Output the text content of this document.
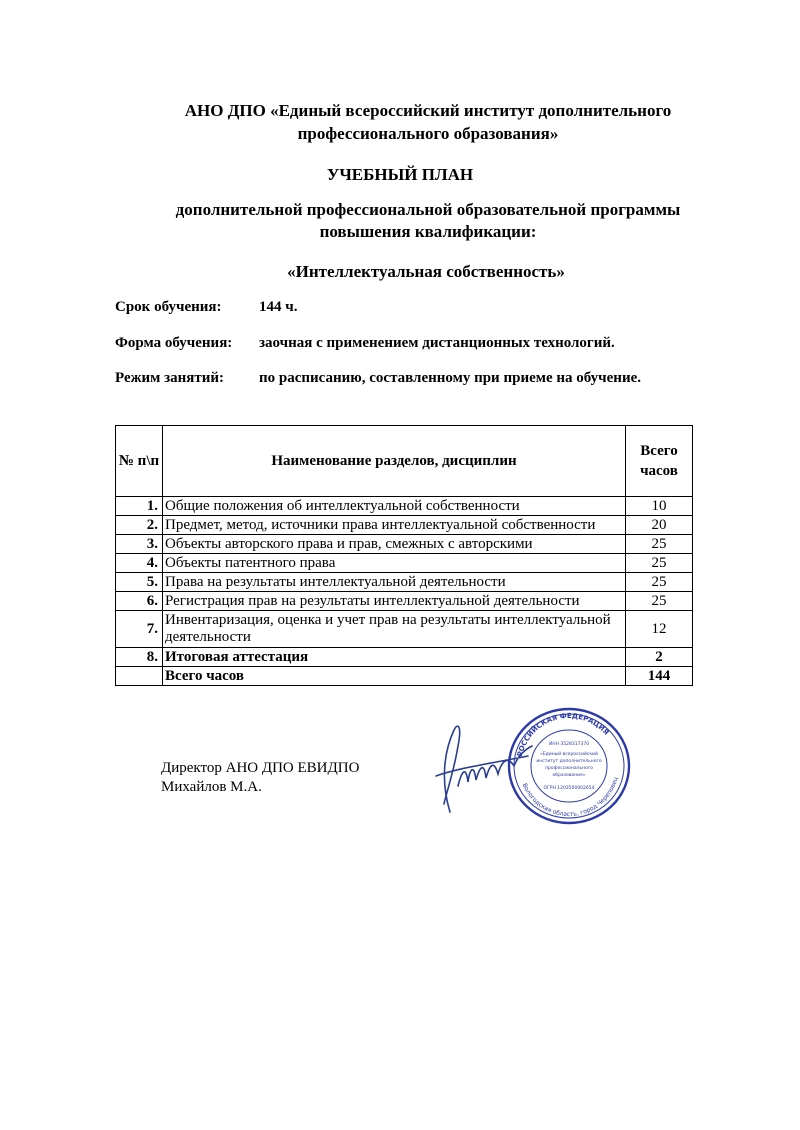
АНО ДПО «Единый всероссийский институт дополнительного
профессионального образования»
УЧЕБНЫЙ ПЛАН
дополнительной профессиональной образовательной программы
повышения квалификации:
«Интеллектуальная собственность»
Срок обучения: 144 ч.
Форма обучения: заочная с применением дистанционных технологий.
Режим занятий: по расписанию, составленному при приеме на обучение.
№ п\п	Наименование разделов, дисциплин	Всего
часов

1.	Общие положения об интеллектуальной собственности	10
2.	Предмет, метод, источники права интеллектуальной собственности	20
3.	Объекты авторского права и прав, смежных с авторскими	25
4.	Объекты патентного права	25
5.	Права на результаты интеллектуальной деятельности	25
6.	Регистрация прав на результаты интеллектуальной деятельности	25
7.	Инвентаризация, оценка и учет прав на результаты интеллектуальной деятельности	12
8.	Итоговая аттестация	2
	Всего часов	144
Директор АНО ДПО ЕВИДПО
Михайлов М.А.
РОССИЙСКАЯ ФЕДЕРАЦИЯ
Вологодская область, город Череповец
ИНН 3528317370
«Единый всероссийский
институт дополнительного
профессионального
образования»
ОГРН 1203500002654
